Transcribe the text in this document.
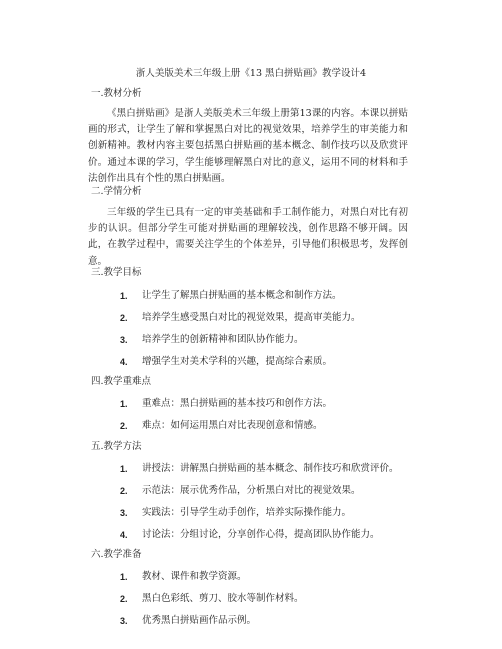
浙人美版美术三年级上册《13 黑白拼贴画》教学设计4
一.教材分析
《黑白拼贴画》是浙人美版美术三年级上册第13课的内容。本课以拼贴画的形式，让学生了解和掌握黑白对比的视觉效果，培养学生的审美能力和创新精神。教材内容主要包括黑白拼贴画的基本概念、制作技巧以及欣赏评价。通过本课的学习，学生能够理解黑白对比的意义，运用不同的材料和手法创作出具有个性的黑白拼贴画。
二.学情分析
三年级的学生已具有一定的审美基础和手工制作能力，对黑白对比有初步的认识。但部分学生可能对拼贴画的理解较浅，创作思路不够开阔。因此，在教学过程中，需要关注学生的个体差异，引导他们积极思考，发挥创意。
三.教学目标
1. 让学生了解黑白拼贴画的基本概念和制作方法。
2. 培养学生感受黑白对比的视觉效果，提高审美能力。
3. 培养学生的创新精神和团队协作能力。
4. 增强学生对美术学科的兴趣，提高综合素质。
四.教学重难点
1. 重难点：黑白拼贴画的基本技巧和创作方法。
2. 难点：如何运用黑白对比表现创意和情感。
五.教学方法
1. 讲授法：讲解黑白拼贴画的基本概念、制作技巧和欣赏评价。
2. 示范法：展示优秀作品，分析黑白对比的视觉效果。
3. 实践法：引导学生动手创作，培养实际操作能力。
4. 讨论法：分组讨论，分享创作心得，提高团队协作能力。
六.教学准备
1. 教材、课件和教学资源。
2. 黑白色彩纸、剪刀、胶水等制作材料。
3. 优秀黑白拼贴画作品示例。
